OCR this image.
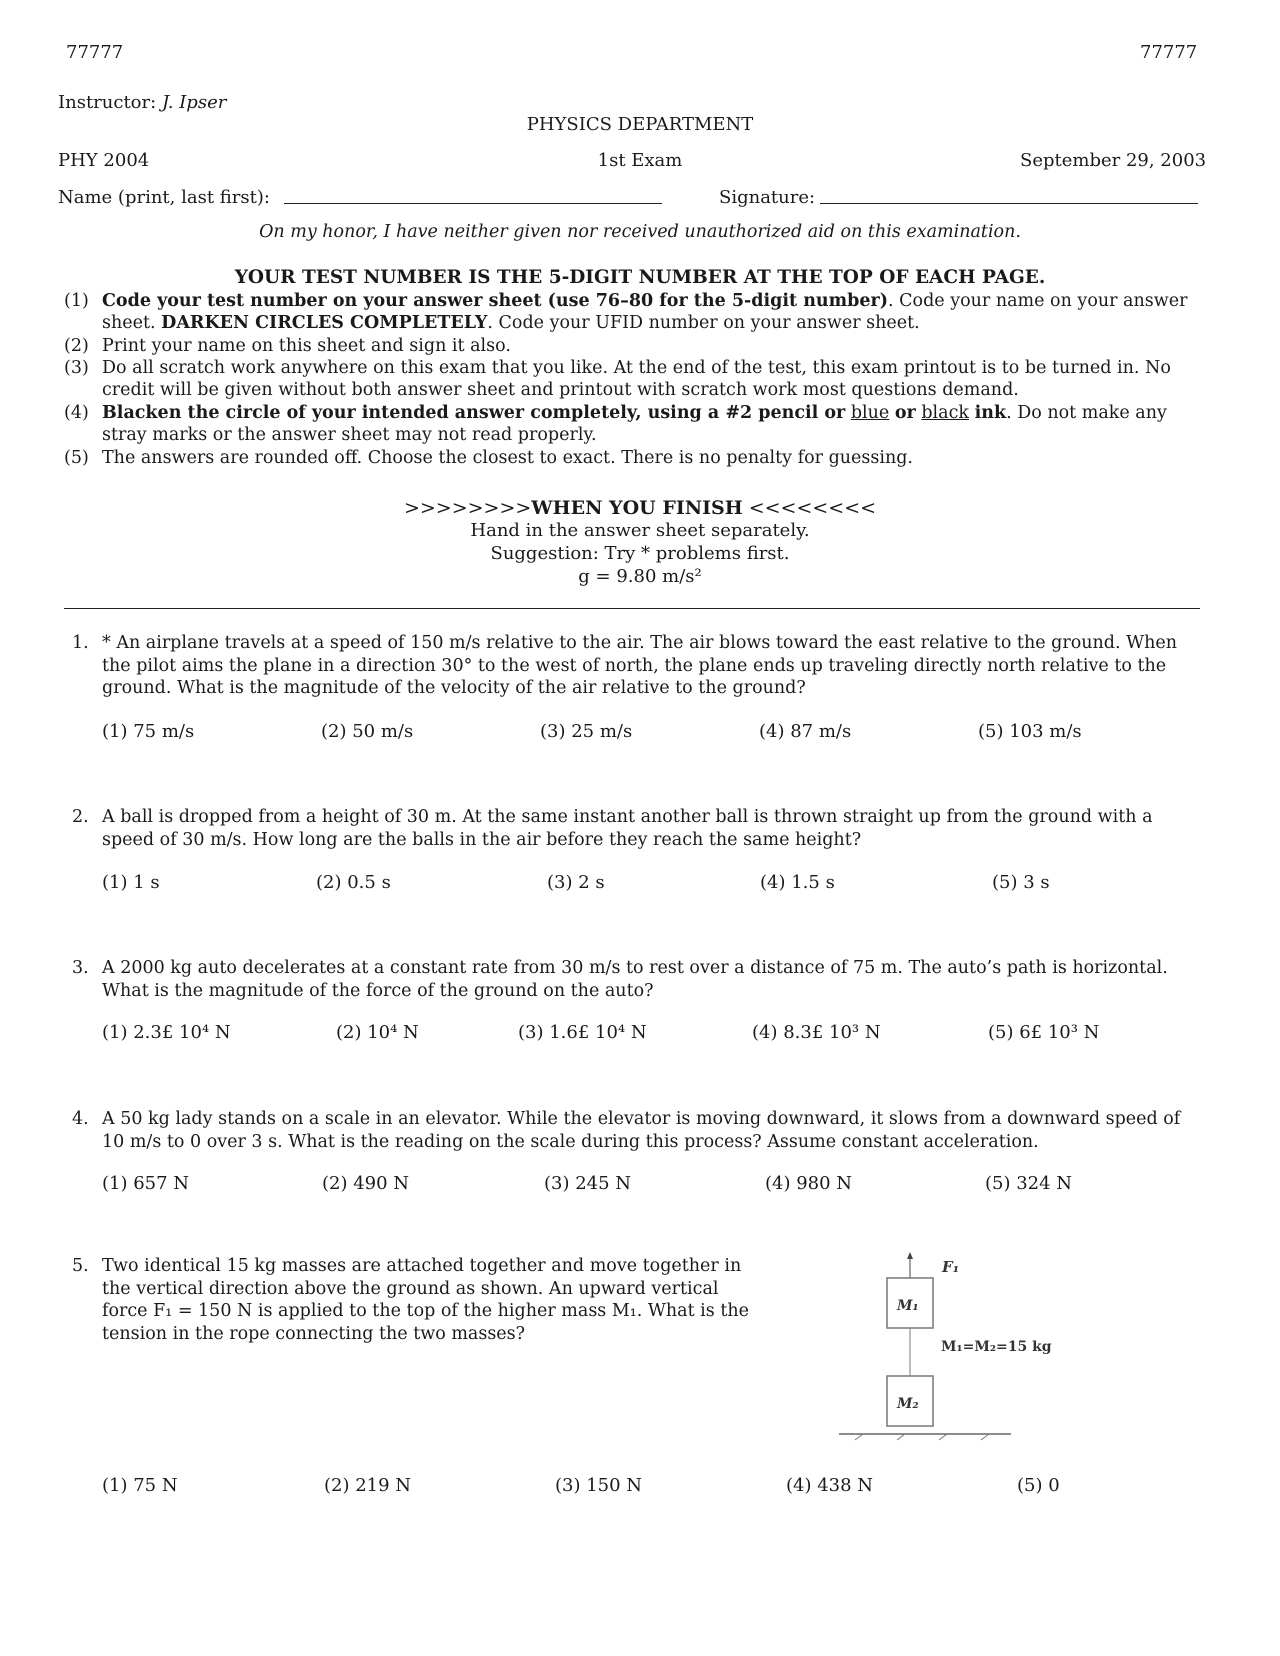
77777	77777
Instructor: J. Ipser
PHYSICS DEPARTMENT
PHY 2004	1st Exam	September 29, 2003
Name (print, last first):	Signature:
On my honor, I have neither given nor received unauthorized aid on this examination.
YOUR TEST NUMBER IS THE 5-DIGIT NUMBER AT THE TOP OF EACH PAGE.
(1) Code your test number on your answer sheet (use 76–80 for the 5-digit number). Code your name on your answer sheet. DARKEN CIRCLES COMPLETELY. Code your UFID number on your answer sheet.
(2) Print your name on this sheet and sign it also.
(3) Do all scratch work anywhere on this exam that you like. At the end of the test, this exam printout is to be turned in. No credit will be given without both answer sheet and printout with scratch work most questions demand.
(4) Blacken the circle of your intended answer completely, using a #2 pencil or blue or black ink. Do not make any stray marks or the answer sheet may not read properly.
(5) The answers are rounded off. Choose the closest to exact. There is no penalty for guessing.
>>>>>>>>WHEN YOU FINISH <<<<<<<<
Hand in the answer sheet separately.
Suggestion: Try * problems first.
g = 9.80 m/s²
1. * An airplane travels at a speed of 150 m/s relative to the air. The air blows toward the east relative to the ground. When the pilot aims the plane in a direction 30° to the west of north, the plane ends up traveling directly north relative to the ground. What is the magnitude of the velocity of the air relative to the ground?
(1) 75 m/s	(2) 50 m/s	(3) 25 m/s	(4) 87 m/s	(5) 103 m/s
2. A ball is dropped from a height of 30 m. At the same instant another ball is thrown straight up from the ground with a speed of 30 m/s. How long are the balls in the air before they reach the same height?
(1) 1 s	(2) 0.5 s	(3) 2 s	(4) 1.5 s	(5) 3 s
3. A 2000 kg auto decelerates at a constant rate from 30 m/s to rest over a distance of 75 m. The auto’s path is horizontal. What is the magnitude of the force of the ground on the auto?
(1) 2.3£ 10⁴ N	(2) 10⁴ N	(3) 1.6£ 10⁴ N	(4) 8.3£ 10³ N	(5) 6£ 10³ N
4. A 50 kg lady stands on a scale in an elevator. While the elevator is moving downward, it slows from a downward speed of 10 m/s to 0 over 3 s. What is the reading on the scale during this process? Assume constant acceleration.
(1) 657 N	(2) 490 N	(3) 245 N	(4) 980 N	(5) 324 N
5. Two identical 15 kg masses are attached together and move together in the vertical direction above the ground as shown. An upward vertical force F₁ = 150 N is applied to the top of the higher mass M₁. What is the tension in the rope connecting the two masses?
F₁
M₁
M₁=M₂=15 kg
M₂
(1) 75 N	(2) 219 N	(3) 150 N	(4) 438 N	(5) 0
